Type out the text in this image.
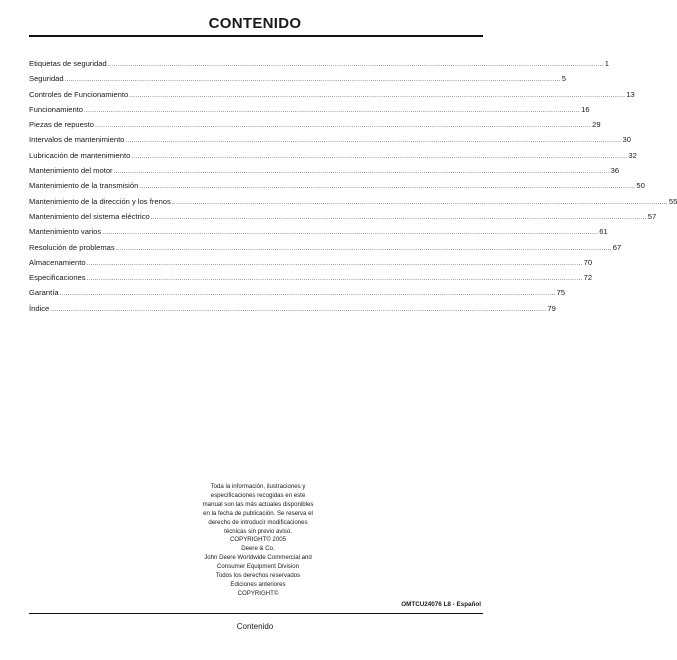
CONTENIDO
Etiquetas de seguridad ................................................................................................................................................................................................................................................ 1
Seguridad ................................................................................................................................................................................................................................................ 5
Controles de Funcionamiento ................................................................................................................................................................................................................................................ 13
Funcionamiento ................................................................................................................................................................................................................................................ 16
Piezas de repuesto ................................................................................................................................................................................................................................................ 29
Intervalos de mantenimiento ................................................................................................................................................................................................................................................ 30
Lubricación de mantenimiento ................................................................................................................................................................................................................................................ 32
Mantenimiento del motor ................................................................................................................................................................................................................................................ 36
Mantenimiento de la transmisión ................................................................................................................................................................................................................................................ 50
Mantenimiento de la dirección y los frenos ................................................................................................................................................................................................................................................ 55
Mantenimiento del sistema eléctrico ................................................................................................................................................................................................................................................ 57
Mantenimiento varios ................................................................................................................................................................................................................................................ 61
Resolución de problemas ................................................................................................................................................................................................................................................ 67
Almacenamiento ................................................................................................................................................................................................................................................ 70
Especificaciones ................................................................................................................................................................................................................................................ 72
Garantía ................................................................................................................................................................................................................................................ 75
Índice ................................................................................................................................................................................................................................................ 79
Toda la información, ilustraciones y
especificaciones recogidas en este
manual son las más actuales disponibles
en la fecha de publicación. Se reserva el
derecho de introducir modificaciones
técnicas sin previo aviso.
COPYRIGHT© 2005
Deere & Co.
John Deere Worldwide Commercial and
Consumer Equipment Division
Todos los derechos reservados
Ediciones anteriores
COPYRIGHT©
OMTCU24076 L8 - Español
Contenido
